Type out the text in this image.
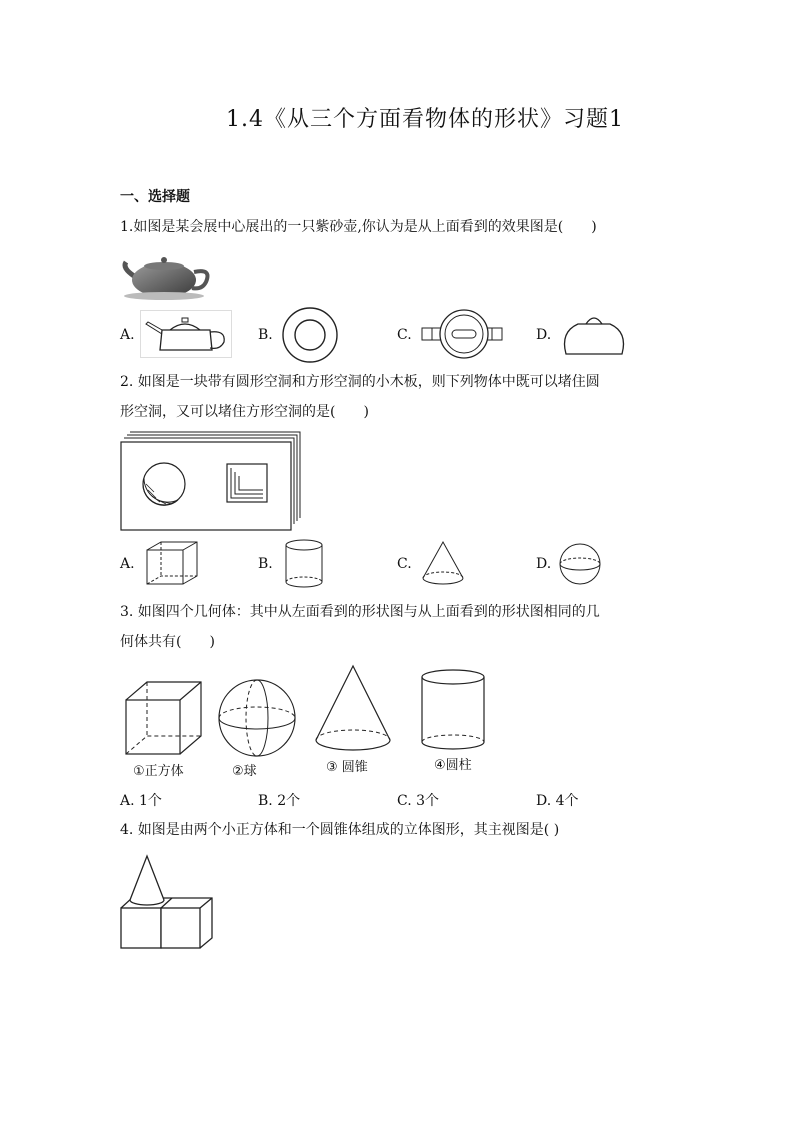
1.4《从三个方面看物体的形状》习题1
一、选择题
1.如图是某会展中心展出的一只紫砂壶,你认为是从上面看到的效果图是(　　)
A.	B.	C.	D.
2. 如图是一块带有圆形空洞和方形空洞的小木板，则下列物体中既可以堵住圆
形空洞，又可以堵住方形空洞的是(　　)
A.	B.	C.	D.
3. 如图四个几何体：其中从左面看到的形状图与从上面看到的形状图相同的几
何体共有(　　)
①正方体	②球	③ 圆锥	④圆柱
A. 1个	B. 2个	C. 3个	D. 4个
4. 如图是由两个小正方体和一个圆锥体组成的立体图形，其主视图是( )
